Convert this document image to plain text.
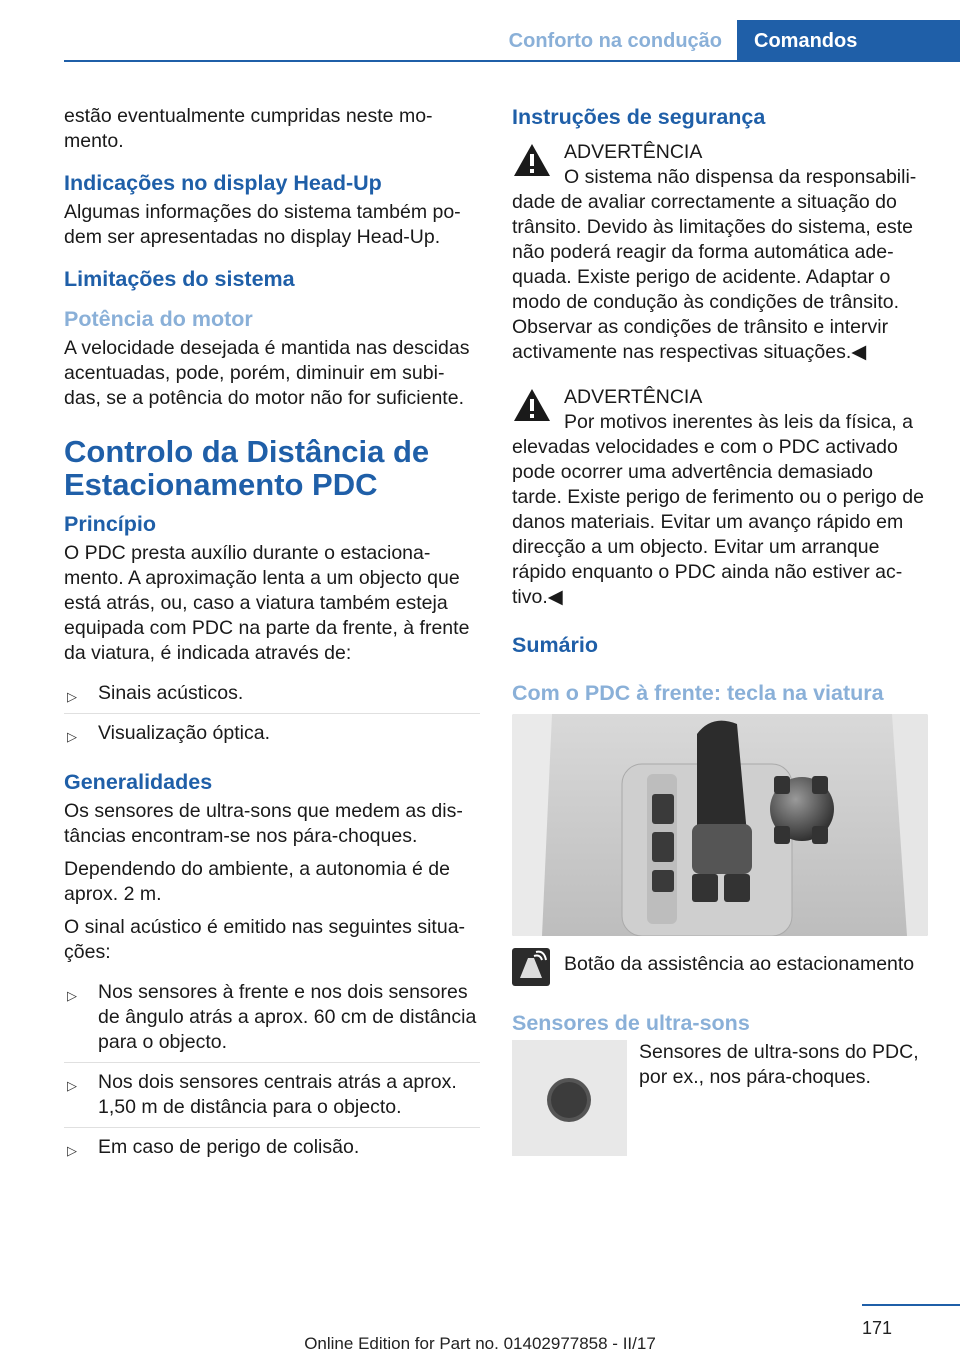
Conforto na condução	Comandos

estão eventualmente cumpridas neste mo‐ mento.

Indicações no display Head-Up

Algumas informações do sistema também po‐ dem ser apresentadas no display Head-Up.

Limitações do sistema
Potência do motor

A velocidade desejada é mantida nas descidas acentuadas, pode, porém, diminuir em subi‐ das, se a potência do motor não for suficiente.

Controlo da Distância de Estacionamento PDC
Princípio

O PDC presta auxílio durante o estaciona‐ mento. A aproximação lenta a um objecto que está atrás, ou, caso a viatura também esteja equipada com PDC na parte da frente, à frente da viatura, é indicada através de:

▷ Sinais acústicos.
▷ Visualização óptica.
Generalidades

Os sensores de ultra-sons que medem as dis‐ tâncias encontram-se nos pára-choques.

Dependendo do ambiente, a autonomia é de aprox. 2 m.

O sinal acústico é emitido nas seguintes situa‐ ções:

▷ Nos sensores à frente e nos dois sensores de ângulo atrás a aprox. 60 cm de distância para o objecto.
▷ Nos dois sensores centrais atrás a aprox. 1,50 m de distância para o objecto.
▷ Em caso de perigo de colisão.
Instruções de segurança

ADVERTÊNCIA

O sistema não dispensa da responsabili‐ dade de avaliar correctamente a situação do trânsito. Devido às limitações do sistema, este não poderá reagir da forma automática ade‐ quada. Existe perigo de acidente. Adaptar o modo de condução às condições de trânsito. Observar as condições de trânsito e intervir activamente nas respectivas situações.◀

ADVERTÊNCIA

Por motivos inerentes às leis da física, a elevadas velocidades e com o PDC activado pode ocorrer uma advertência demasiado tarde. Existe perigo de ferimento ou o perigo de danos materiais. Evitar um avanço rápido em direcção a um objecto. Evitar um arranque rápido enquanto o PDC ainda não estiver ac‐ tivo.◀

Sumário
Com o PDC à frente: tecla na viatura
Botão da assistência ao estacionamento
Sensores de ultra-sons

Sensores de ultra-sons do PDC, por ex., nos pára-choques.

171
Online Edition for Part no. 01402977858 - II/17
